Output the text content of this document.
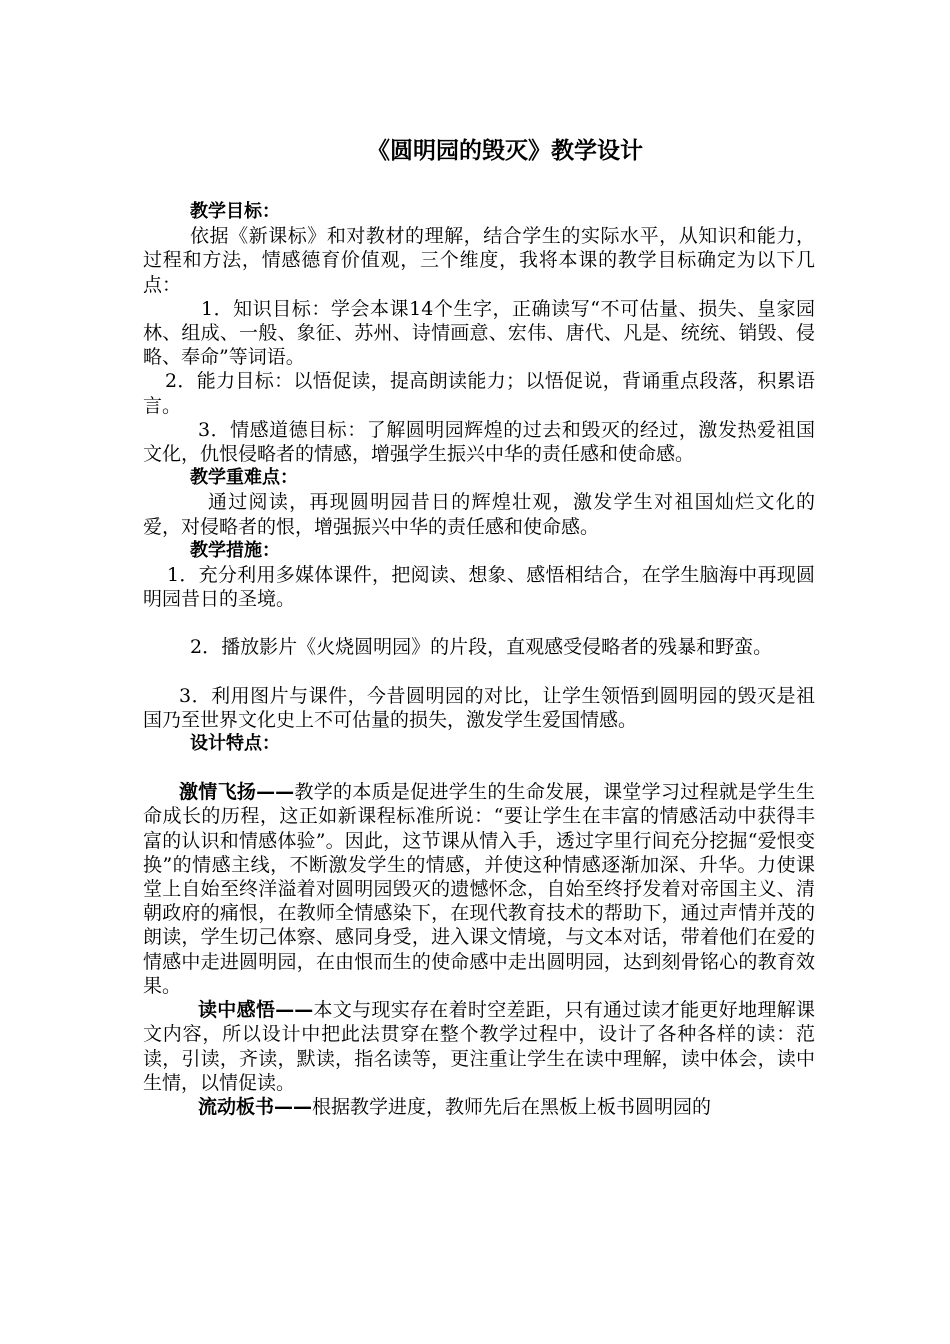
《圆明园的毁灭》教学设计
教学目标：

依据《新课标》和对教材的理解，结合学生的实际水平，从知识和能力，过程和方法，情感德育价值观，三个维度，我将本课的教学目标确定为以下几点：

1．知识目标：学会本课14个生字，正确读写“不可估量、损失、皇家园林、组成、一般、象征、苏州、诗情画意、宏伟、唐代、凡是、统统、销毁、侵略、奉命”等词语。

2．能力目标：以悟促读，提高朗读能力；以悟促说，背诵重点段落，积累语言。

3．情感道德目标：了解圆明园辉煌的过去和毁灭的经过，激发热爱祖国文化，仇恨侵略者的情感，增强学生振兴中华的责任感和使命感。

教学重难点：

通过阅读，再现圆明园昔日的辉煌壮观，激发学生对祖国灿烂文化的爱，对侵略者的恨，增强振兴中华的责任感和使命感。

教学措施：

1．充分利用多媒体课件，把阅读、想象、感悟相结合，在学生脑海中再现圆明园昔日的圣境。

2．播放影片《火烧圆明园》的片段，直观感受侵略者的残暴和野蛮。

3．利用图片与课件，今昔圆明园的对比，让学生领悟到圆明园的毁灭是祖国乃至世界文化史上不可估量的损失，激发学生爱国情感。

设计特点：

激情飞扬——教学的本质是促进学生的生命发展，课堂学习过程就是学生生命成长的历程，这正如新课程标准所说：“要让学生在丰富的情感活动中获得丰富的认识和情感体验”。因此，这节课从情入手，透过字里行间充分挖掘“爱恨变换”的情感主线，不断激发学生的情感，并使这种情感逐渐加深、升华。力使课堂上自始至终洋溢着对圆明园毁灭的遗憾怀念，自始至终抒发着对帝国主义、清朝政府的痛恨，在教师全情感染下，在现代教育技术的帮助下，通过声情并茂的朗读，学生切己体察、感同身受，进入课文情境，与文本对话，带着他们在爱的情感中走进圆明园，在由恨而生的使命感中走出圆明园，达到刻骨铭心的教育效果。

读中感悟——本文与现实存在着时空差距，只有通过读才能更好地理解课文内容，所以设计中把此法贯穿在整个教学过程中，设计了各种各样的读：范读，引读，齐读，默读，指名读等，更注重让学生在读中理解，读中体会，读中生情，以情促读。

流动板书——根据教学进度，教师先后在黑板上板书圆明园的
